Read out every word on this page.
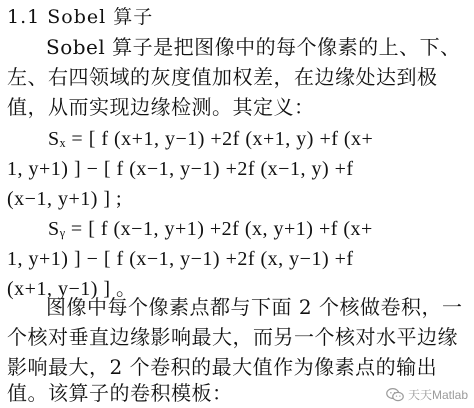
1.1 Sobel 算子
Sobel 算子是把图像中的每个像素的上、下、
左、右四领域的灰度值加权差，在边缘处达到极
值，从而实现边缘检测。其定义：
Sₓ = [ f (x+1, y−1) +2f (x+1, y) +f (x+
1, y+1) ] − [ f (x−1, y−1) +2f (x−1, y) +f
(x−1, y+1) ] ;
Sᵧ = [ f (x−1, y+1) +2f (x, y+1) +f (x+
1, y+1) ] − [ f (x−1, y−1) +2f (x, y−1) +f
(x+1, y−1) ] 。
图像中每个像素点都与下面 2 个核做卷积，一
个核对垂直边缘影响最大，而另一个核对水平边缘
影响最大，2 个卷积的最大值作为像素点的输出
值。该算子的卷积模板：	天天Matlab
